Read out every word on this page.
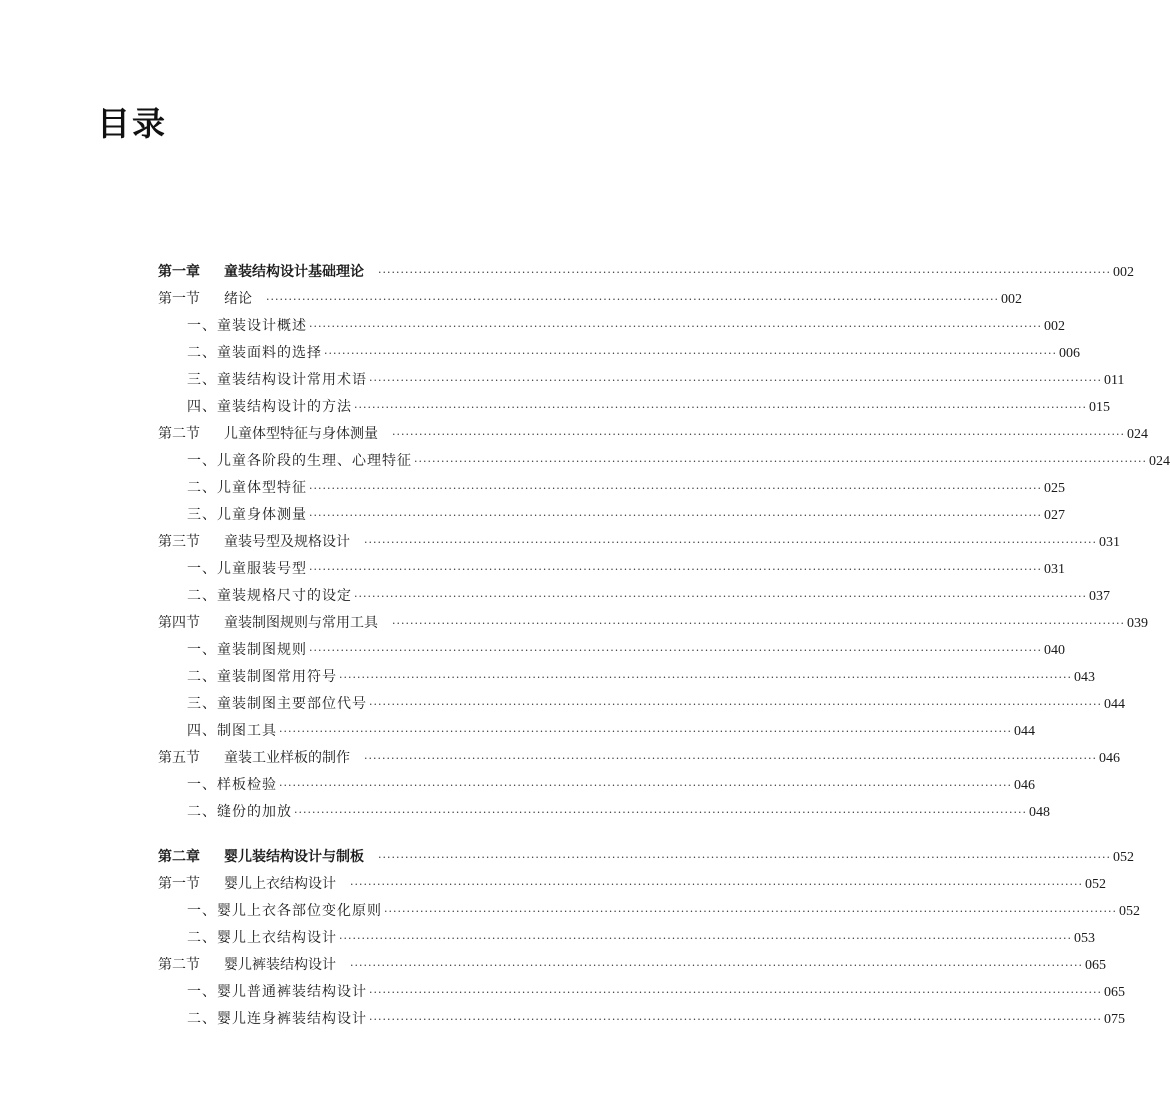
目录
第一章 童装结构设计基础理论 ··································································································································································· 002
第一节 绪论 ··································································································································································· 002
一、童装设计概述 ··································································································································································· 002
二、童装面料的选择 ··································································································································································· 006
三、童装结构设计常用术语 ··································································································································································· 011
四、童装结构设计的方法 ··································································································································································· 015
第二节 儿童体型特征与身体测量 ··································································································································································· 024
一、儿童各阶段的生理、心理特征 ··································································································································································· 024
二、儿童体型特征 ··································································································································································· 025
三、儿童身体测量 ··································································································································································· 027
第三节 童装号型及规格设计 ··································································································································································· 031
一、儿童服装号型 ··································································································································································· 031
二、童装规格尺寸的设定 ··································································································································································· 037
第四节 童装制图规则与常用工具 ··································································································································································· 039
一、童装制图规则 ··································································································································································· 040
二、童装制图常用符号 ··································································································································································· 043
三、童装制图主要部位代号 ··································································································································································· 044
四、制图工具 ··································································································································································· 044
第五节 童装工业样板的制作 ··································································································································································· 046
一、样板检验 ··································································································································································· 046
二、缝份的加放 ··································································································································································· 048
第二章 婴儿装结构设计与制板 ··································································································································································· 052
第一节 婴儿上衣结构设计 ··································································································································································· 052
一、婴儿上衣各部位变化原则 ··································································································································································· 052
二、婴儿上衣结构设计 ··································································································································································· 053
第二节 婴儿裤装结构设计 ··································································································································································· 065
一、婴儿普通裤装结构设计 ··································································································································································· 065
二、婴儿连身裤装结构设计 ··································································································································································· 075
